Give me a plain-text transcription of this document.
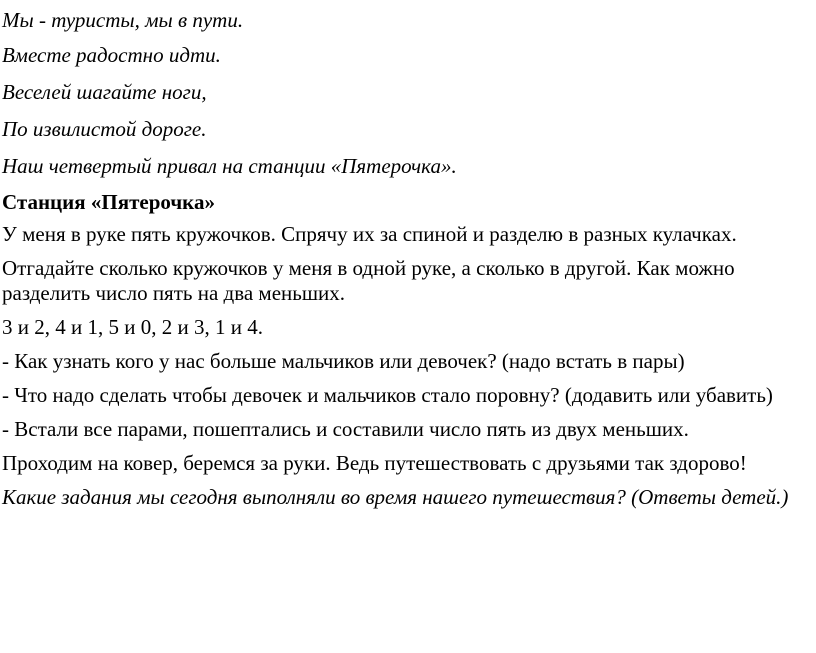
Мы - туристы, мы в пути.
Вместе радостно идти.
Веселей шагайте ноги,
По извилистой дороге.
Наш четвертый привал на станции «Пятерочка».
Станция «Пятерочка»
У меня в руке пять кружочков. Спрячу их за спиной и разделю в разных кулачках.
Отгадайте сколько кружочков у меня в одной руке, а сколько в другой. Как можно разделить число пять на два меньших.
3 и 2, 4 и 1, 5 и 0, 2 и 3, 1 и 4.
- Как узнать кого у нас больше мальчиков или девочек? (надо встать в пары)
- Что надо сделать чтобы девочек и мальчиков стало поровну? (додавить или убавить)
- Встали все парами, пошептались и составили число пять из двух меньших.
Проходим на ковер, беремся за руки. Ведь путешествовать с друзьями так здорово!
Какие задания мы сегодня выполняли во время нашего путешествия? (Ответы детей.)
